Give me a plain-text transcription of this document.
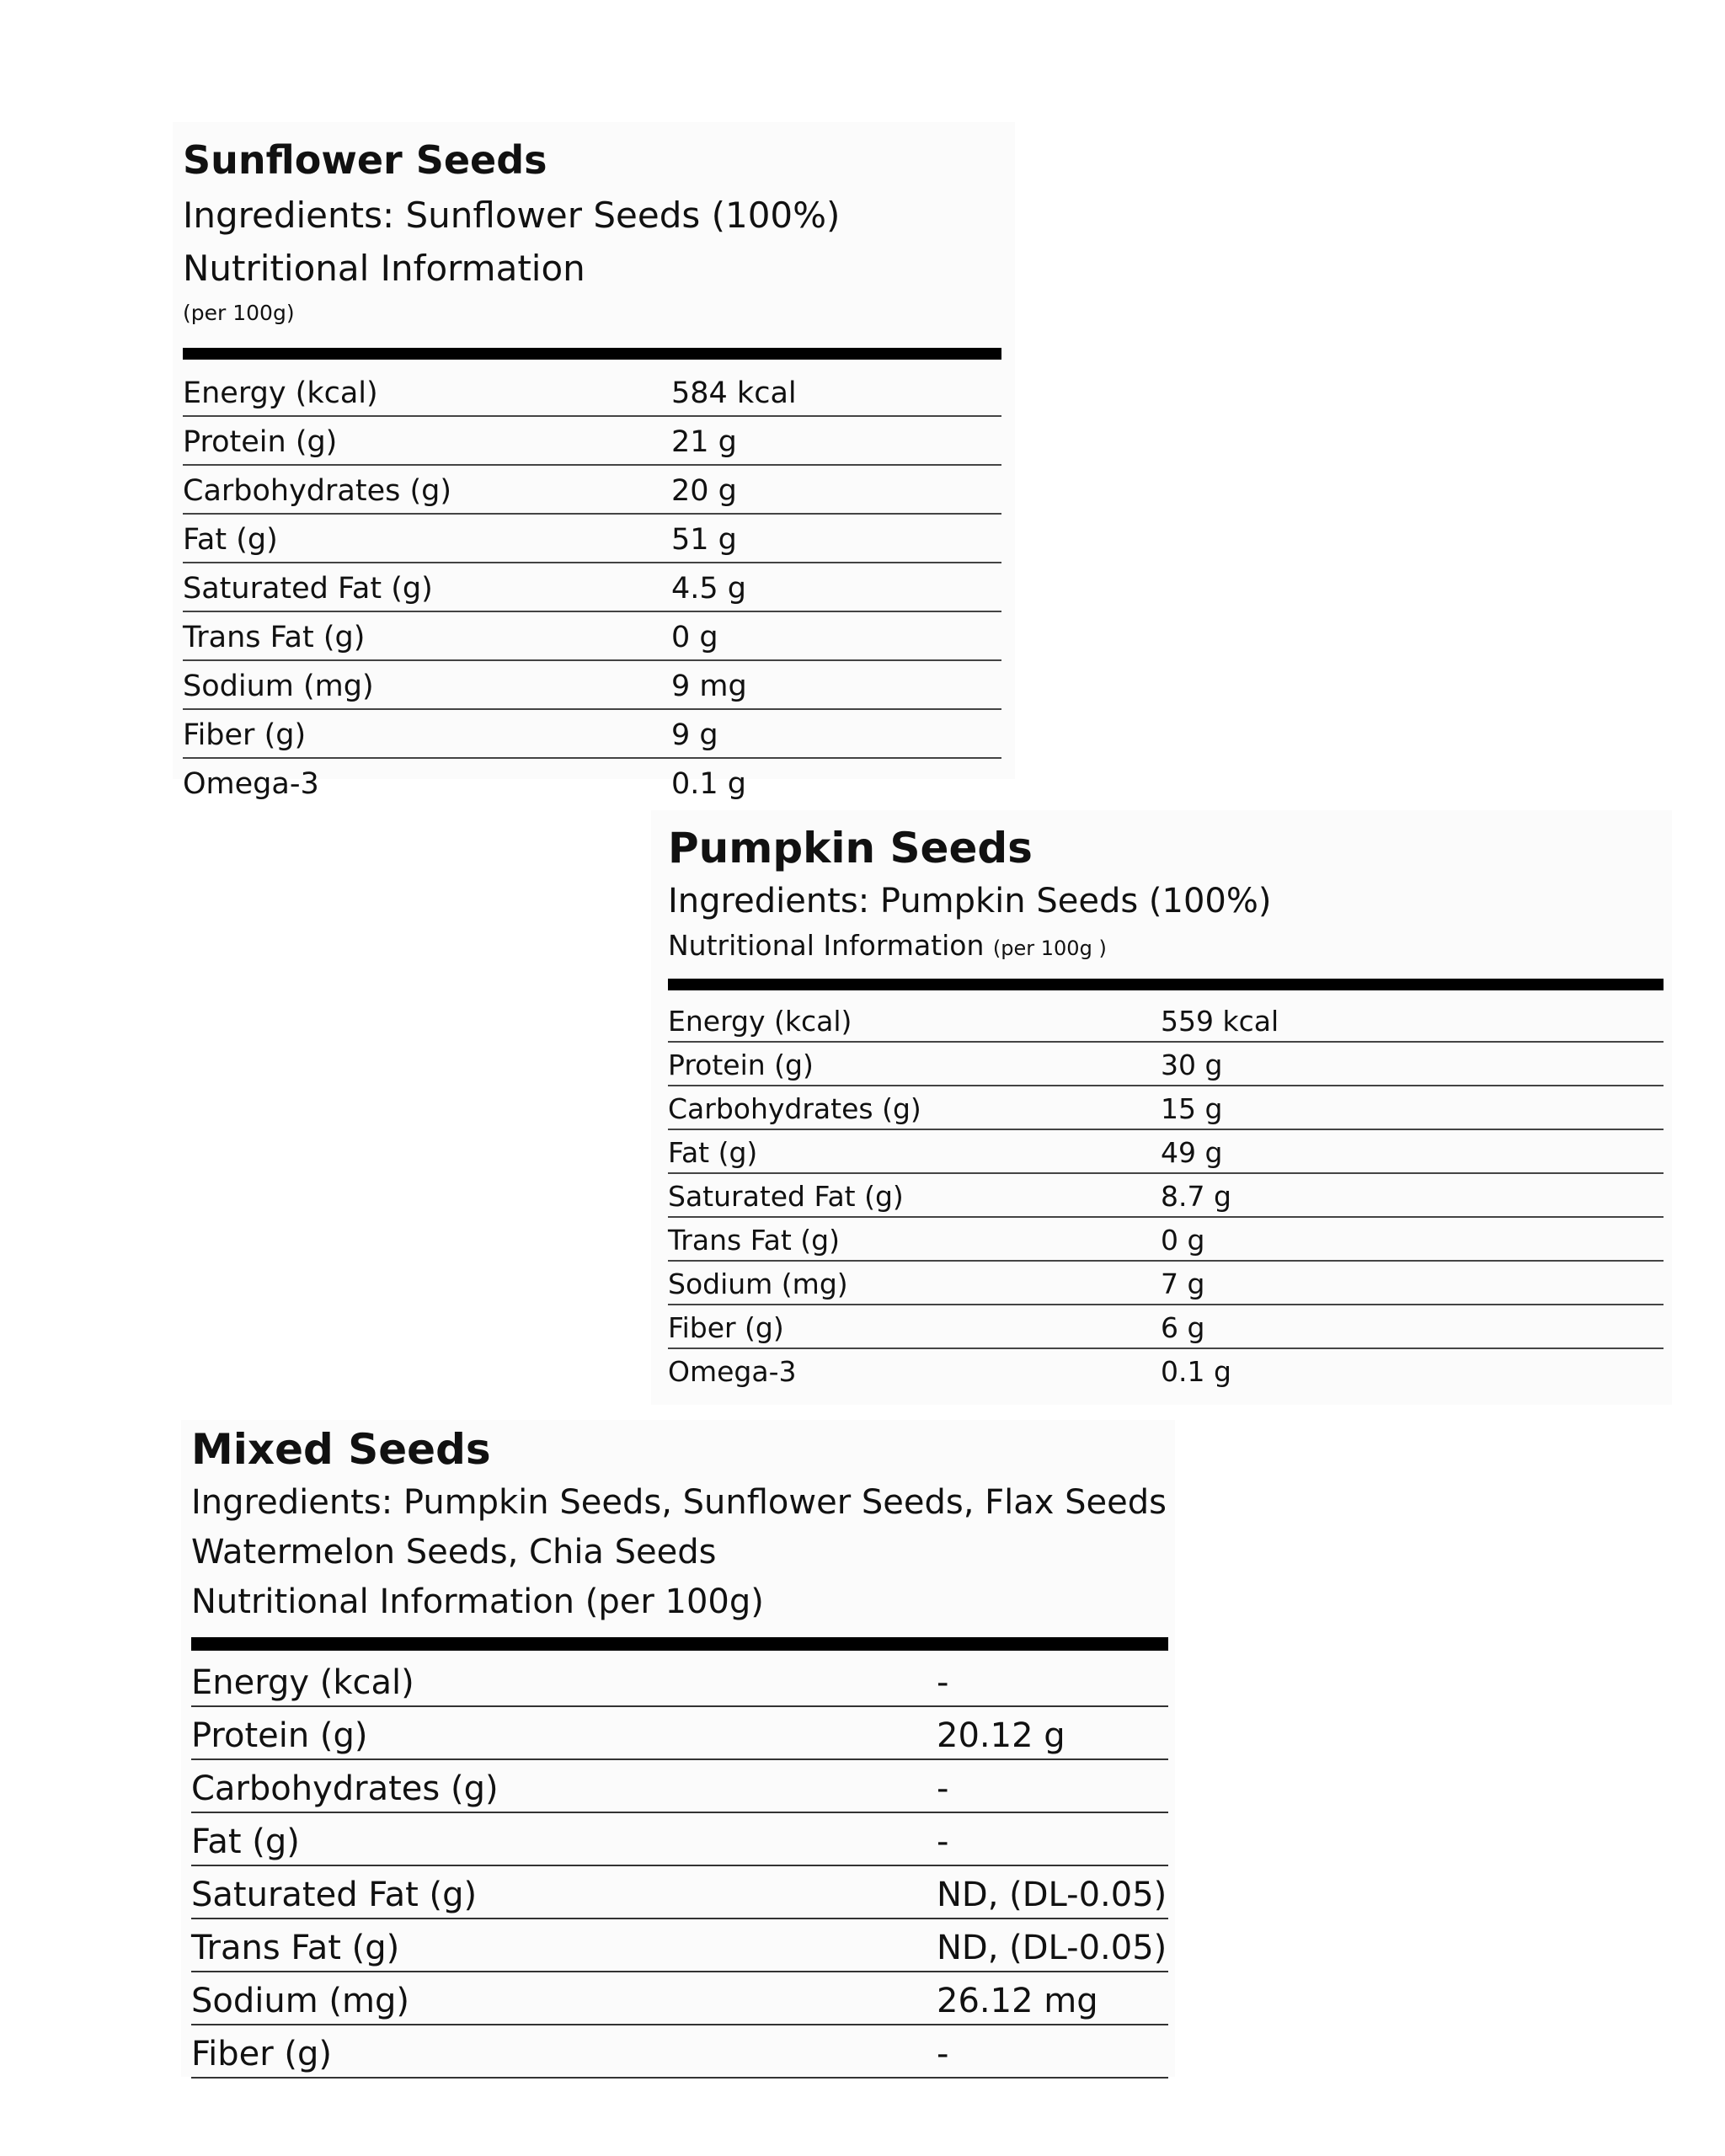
Sunflower Seeds
Ingredients: Sunflower Seeds (100%)
Nutritional Information
(per 100g)
Energy (kcal)	584 kcal
Protein (g)	21 g
Carbohydrates (g)	20 g
Fat (g)	51 g
Saturated Fat (g)	4.5 g
Trans Fat (g)	0 g
Sodium (mg)	9 mg
Fiber (g)	9 g
Omega-3	0.1 g
Pumpkin Seeds
Ingredients: Pumpkin Seeds (100%)
Nutritional Information (per 100g )
Energy (kcal)	559 kcal
Protein (g)	30 g
Carbohydrates (g)	15 g
Fat (g)	49 g
Saturated Fat (g)	8.7 g
Trans Fat (g)	0 g
Sodium (mg)	7 g
Fiber (g)	6 g
Omega-3	0.1 g
Mixed Seeds
Ingredients: Pumpkin Seeds, Sunflower Seeds, Flax Seeds
Watermelon Seeds, Chia Seeds
Nutritional Information (per 100g)
Energy (kcal)	-
Protein (g)	20.12 g
Carbohydrates (g)	-
Fat (g)	-
Saturated Fat (g)	ND, (DL-0.05)
Trans Fat (g)	ND, (DL-0.05)
Sodium (mg)	26.12 mg
Fiber (g)	-
